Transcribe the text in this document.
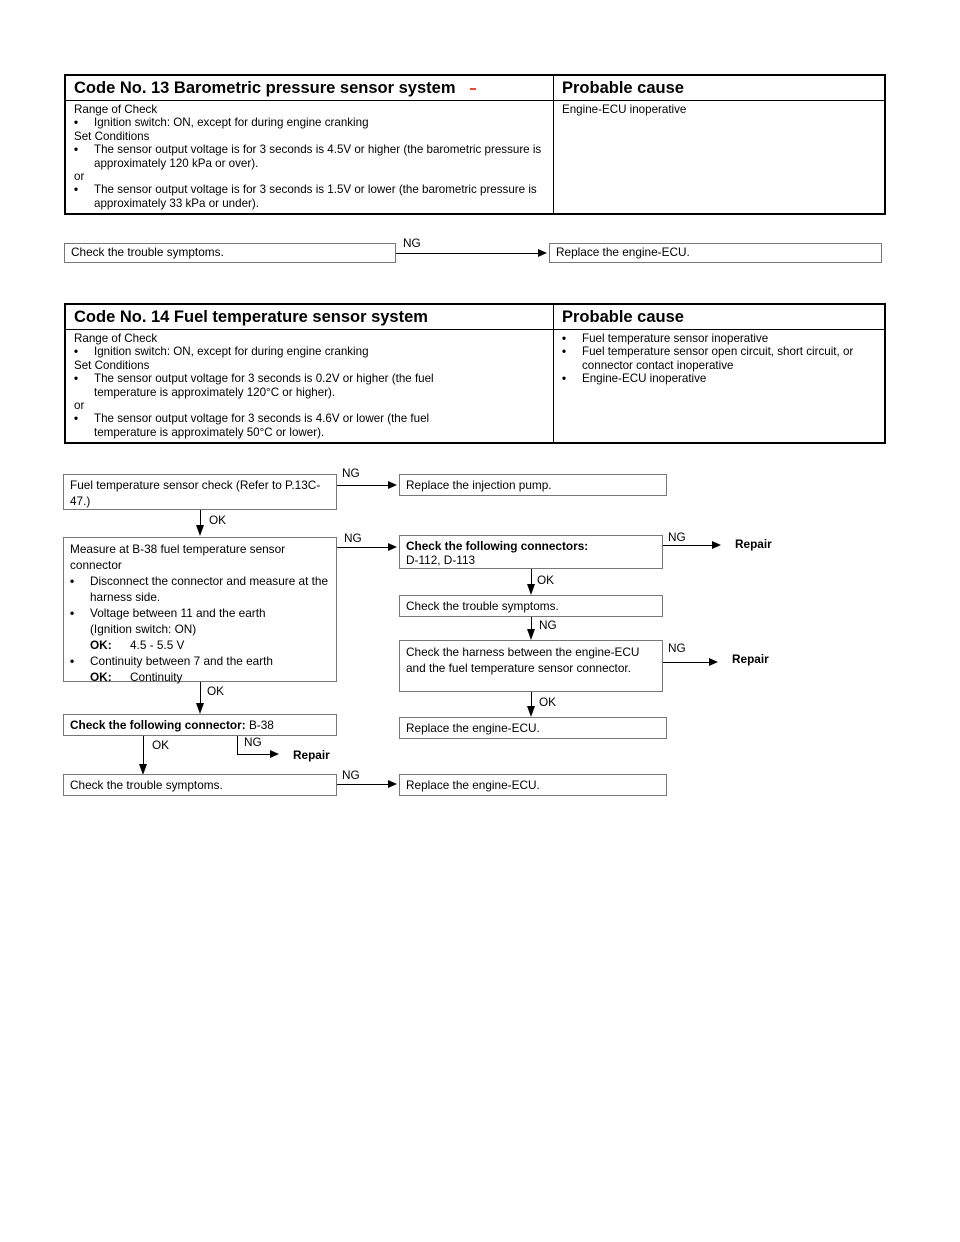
Code No. 13 Barometric pressure sensor system	Probable cause
Range of Check
•	Ignition switch: ON, except for during engine cranking
Set Conditions
•	The sensor output voltage is for 3 seconds is 4.5V or higher (the barometric pressure is approximately 120 kPa or over).
or
•	The sensor output voltage is for 3 seconds is 1.5V or lower (the barometric pressure is approximately 33 kPa or under).
Engine-ECU inoperative
Check the trouble symptoms.
NG
Replace the engine-ECU.
Code No. 14 Fuel temperature sensor system	Probable cause
Range of Check
•	Ignition switch: ON, except for during engine cranking
Set Conditions
•	The sensor output voltage for 3 seconds is 0.2V or higher (the fuel temperature is approximately 120°C or higher).
or
•	The sensor output voltage for 3 seconds is 4.6V or lower (the fuel temperature is approximately 50°C or lower).
•	Fuel temperature sensor inoperative
•	Fuel temperature sensor open circuit, short circuit, or connector contact inoperative
•	Engine-ECU inoperative
Fuel temperature sensor check (Refer to P.13C-47.)
NG
Replace the injection pump.
OK
Measure at B-38 fuel temperature sensor connector
•	Disconnect the connector and measure at the harness side.
•	Voltage between 11 and the earth
(Ignition switch: ON)
OK:	4.5 - 5.5 V
•	Continuity between 7 and the earth
OK:	Continuity
NG
Check the following connectors:
D-112, D-113
NG	Repair
OK
Check the trouble symptoms.
NG
Check the harness between the engine-ECU and the fuel temperature sensor connector.
NG
Repair
OK
Replace the engine-ECU.
OK
Check the following connector: B-38
OK	NG
Repair
Check the trouble symptoms.
NG
Replace the engine-ECU.
